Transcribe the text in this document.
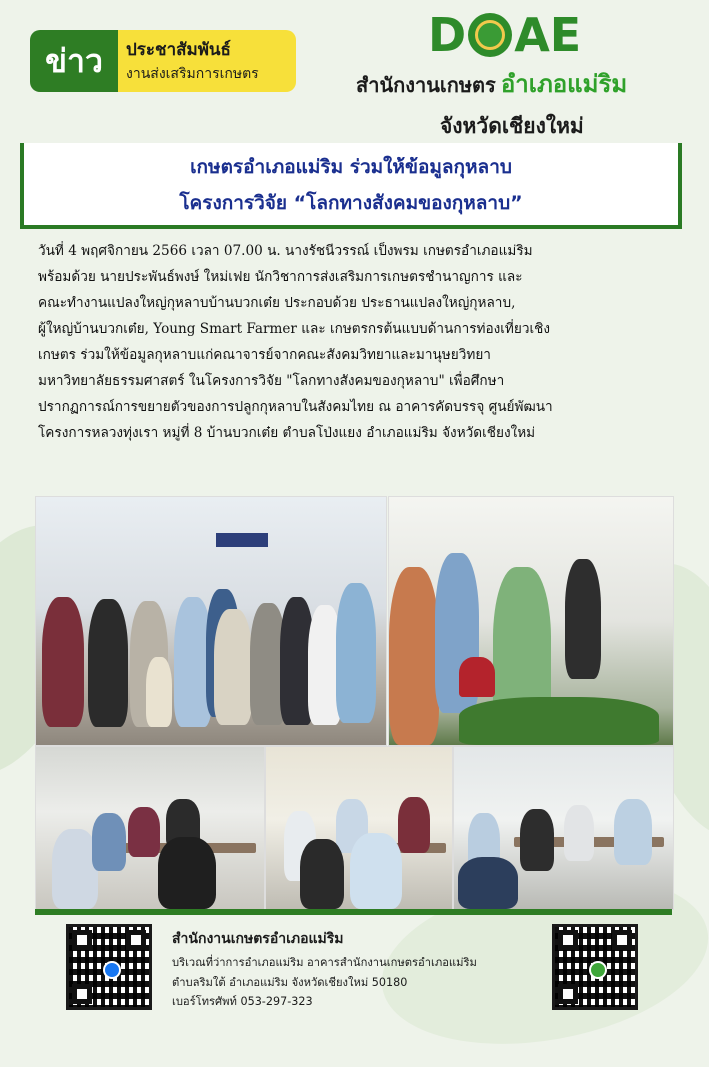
ข่าว	ประชาสัมพันธ์
งานส่งเสริมการเกษตร
D AE
สำนักงานเกษตร อำเภอแม่ริม
จังหวัดเชียงใหม่
เกษตรอำเภอแม่ริม ร่วมให้ข้อมูลกุหลาบ
โครงการวิจัย “โลกทางสังคมของกุหลาบ”
วันที่ 4 พฤศจิกายน 2566 เวลา 07.00 น. นางรัชนีวรรณ์ เป็งพรม เกษตรอำเภอแม่ริม
พร้อมด้วย นายประพันธ์พงษ์ ใหม่เฟย นักวิชาการส่งเสริมการเกษตรชำนาญการ และ
คณะทำงานแปลงใหญ่กุหลาบบ้านบวกเต๋ย ประกอบด้วย ประธานแปลงใหญ่กุหลาบ,
ผู้ใหญ่บ้านบวกเต๋ย, Young Smart Farmer และ เกษตรกรต้นแบบด้านการท่องเที่ยวเชิง
เกษตร ร่วมให้ข้อมูลกุหลาบแก่คณาจารย์จากคณะสังคมวิทยาและมานุษยวิทยา
มหาวิทยาลัยธรรมศาสตร์ ในโครงการวิจัย "โลกทางสังคมของกุหลาบ" เพื่อศึกษา
ปรากฏการณ์การขยายตัวของการปลูกกุหลาบในสังคมไทย ณ อาคารคัดบรรจุ ศูนย์พัฒนา
โครงการหลวงทุ่งเรา หมู่ที่ 8 บ้านบวกเต๋ย ตำบลโป่งแยง อำเภอแม่ริม จังหวัดเชียงใหม่
สำนักงานเกษตรอำเภอแม่ริม
บริเวณที่ว่าการอำเภอแม่ริม อาคารสำนักงานเกษตรอำเภอแม่ริม
ตำบลริมใต้ อำเภอแม่ริม จังหวัดเชียงใหม่ 50180
เบอร์โทรศัพท์ 053-297-323
